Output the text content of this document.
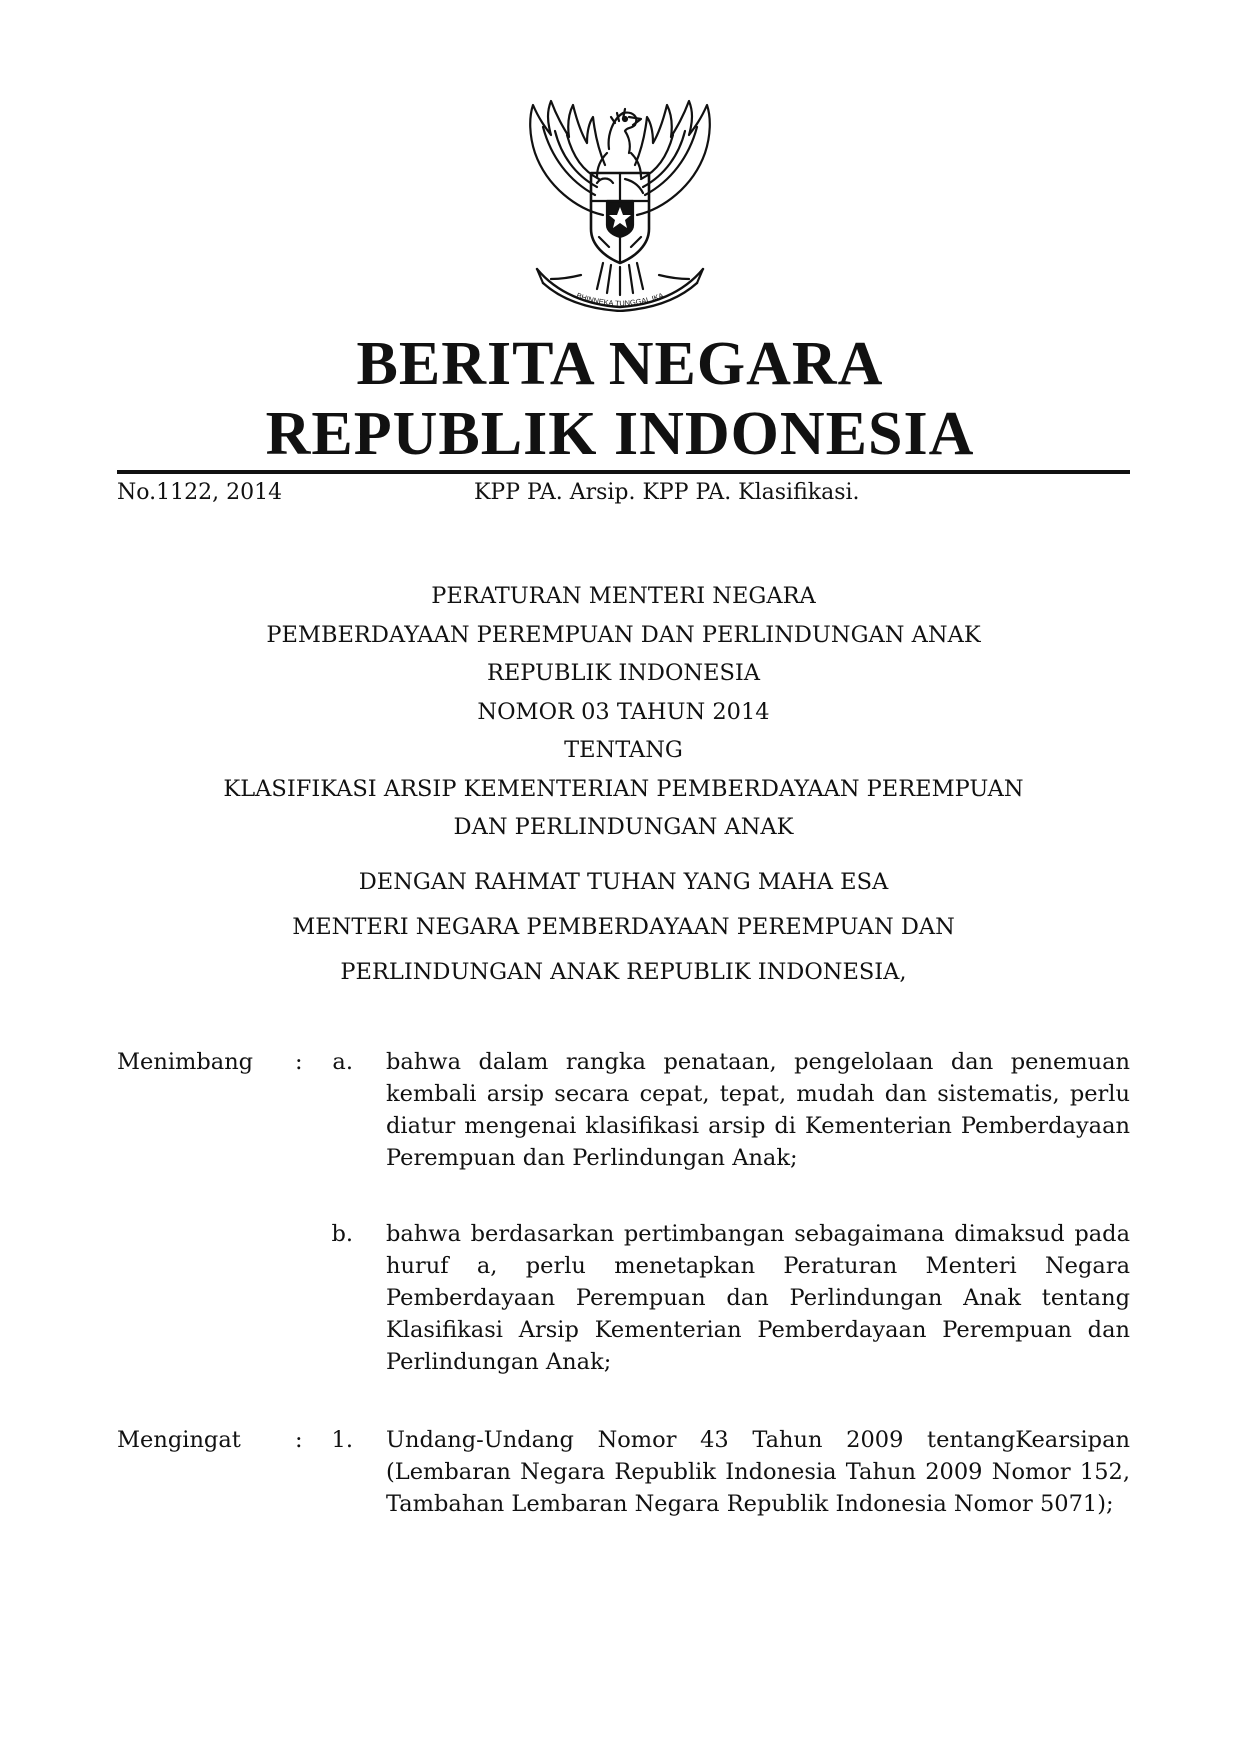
BHINNEKA TUNGGAL IKA
BERITA NEGARA
REPUBLIK INDONESIA
No.1122, 2014	KPP PA. Arsip. KPP PA. Klasifikasi.
PERATURAN MENTERI NEGARA
PEMBERDAYAAN PEREMPUAN DAN PERLINDUNGAN ANAK
REPUBLIK INDONESIA
NOMOR 03 TAHUN 2014
TENTANG
KLASIFIKASI ARSIP KEMENTERIAN PEMBERDAYAAN PEREMPUAN
DAN PERLINDUNGAN ANAK
DENGAN RAHMAT TUHAN YANG MAHA ESA
MENTERI NEGARA PEMBERDAYAAN PEREMPUAN DAN
PERLINDUNGAN ANAK REPUBLIK INDONESIA,
Menimbang :	a. bahwa dalam rangka penataan, pengelolaan dan penemuan kembali arsip secara cepat, tepat, mudah dan sistematis, perlu diatur mengenai klasifikasi arsip di Kementerian Pemberdayaan Perempuan dan Perlindungan Anak;
b. bahwa berdasarkan pertimbangan sebagaimana dimaksud pada huruf a, perlu menetapkan Peraturan Menteri Negara Pemberdayaan Perempuan dan Perlindungan Anak tentang Klasifikasi Arsip Kementerian Pemberdayaan Perempuan dan Perlindungan Anak;
Mengingat :	1. Undang-Undang Nomor 43 Tahun 2009 tentangKearsipan (Lembaran Negara Republik Indonesia Tahun 2009 Nomor 152, Tambahan Lembaran Negara Republik Indonesia Nomor 5071);
